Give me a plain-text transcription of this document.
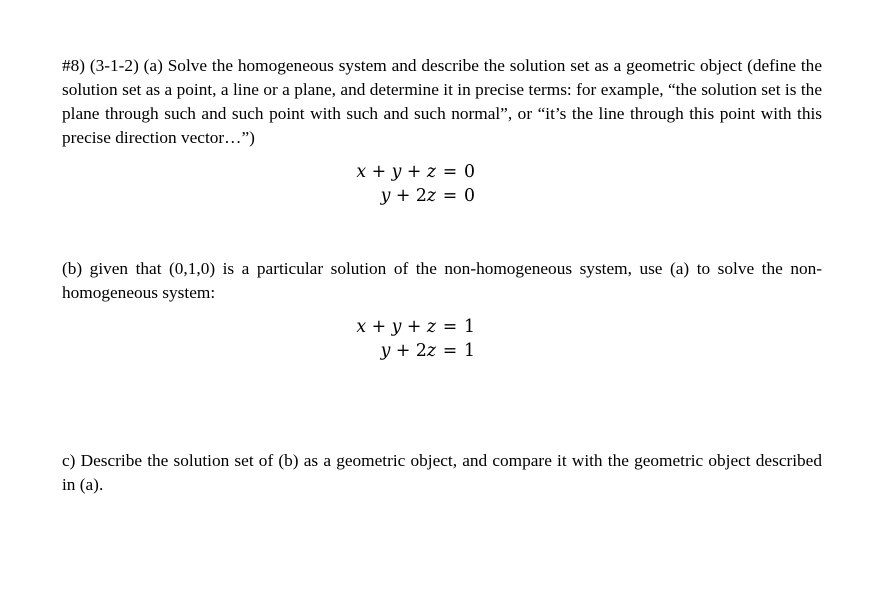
#8) (3-1-2) (a) Solve the homogeneous system and describe the solution set as a geometric object (define the solution set as a point, a line or a plane, and determine it in precise terms: for example, “the solution set is the plane through such and such point with such and such normal”, or “it’s the line through this point with this precise direction vector…”)

x + y + z = 0
y + 2z = 0

(b) given that (0,1,0) is a particular solution of the non-homogeneous system, use (a) to solve the non-homogeneous system:

x + y + z = 1
y + 2z = 1

c) Describe the solution set of (b) as a geometric object, and compare it with the geometric object described in (a).
